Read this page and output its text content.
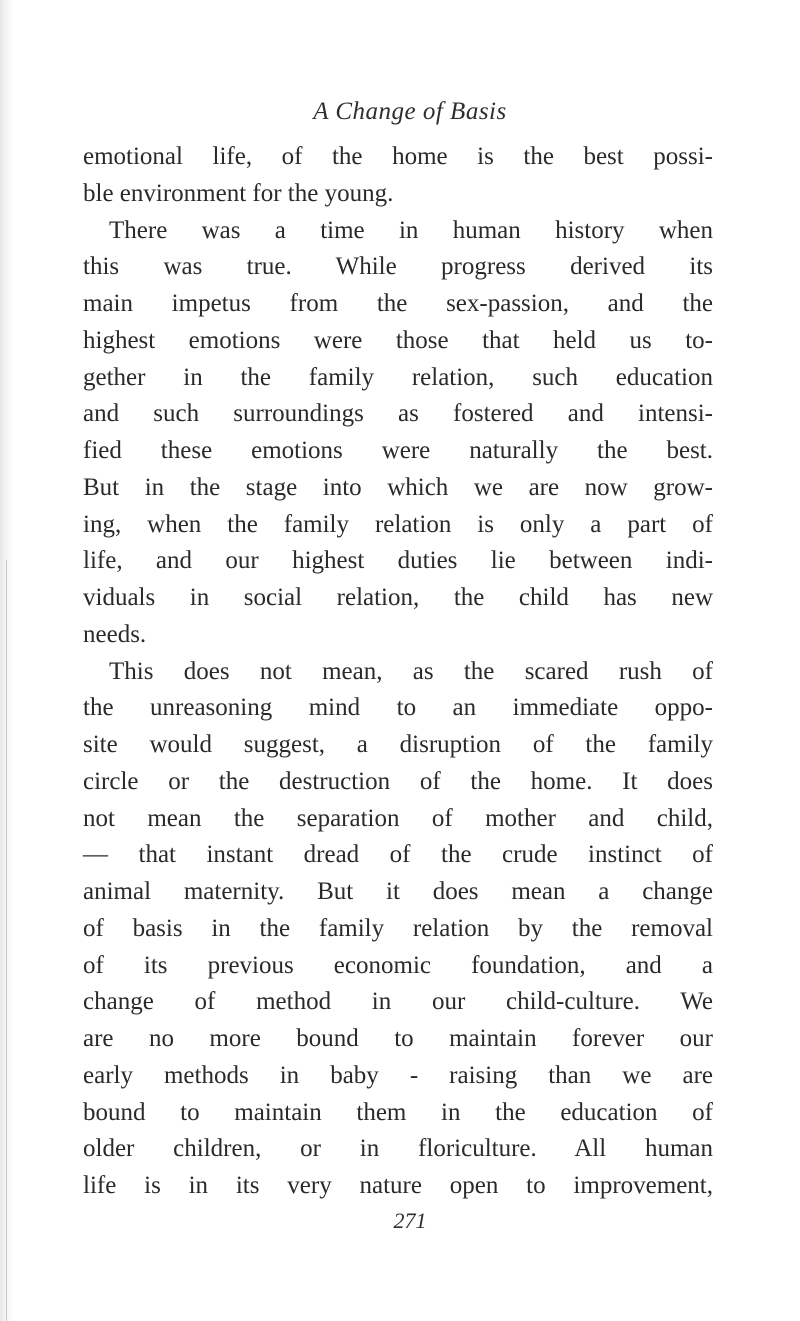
A Change of Basis
emotional life, of the home is the best possi-
ble environment for the young.
There was a time in human history when
this was true. While progress derived its
main impetus from the sex-passion, and the
highest emotions were those that held us to-
gether in the family relation, such education
and such surroundings as fostered and intensi-
fied these emotions were naturally the best.
But in the stage into which we are now grow-
ing, when the family relation is only a part of
life, and our highest duties lie between indi-
viduals in social relation, the child has new
needs.
This does not mean, as the scared rush of
the unreasoning mind to an immediate oppo-
site would suggest, a disruption of the family
circle or the destruction of the home. It does
not mean the separation of mother and child,
— that instant dread of the crude instinct of
animal maternity. But it does mean a change
of basis in the family relation by the removal
of its previous economic foundation, and a
change of method in our child-culture. We
are no more bound to maintain forever our
early methods in baby - raising than we are
bound to maintain them in the education of
older children, or in floriculture. All human
life is in its very nature open to improvement,
271
